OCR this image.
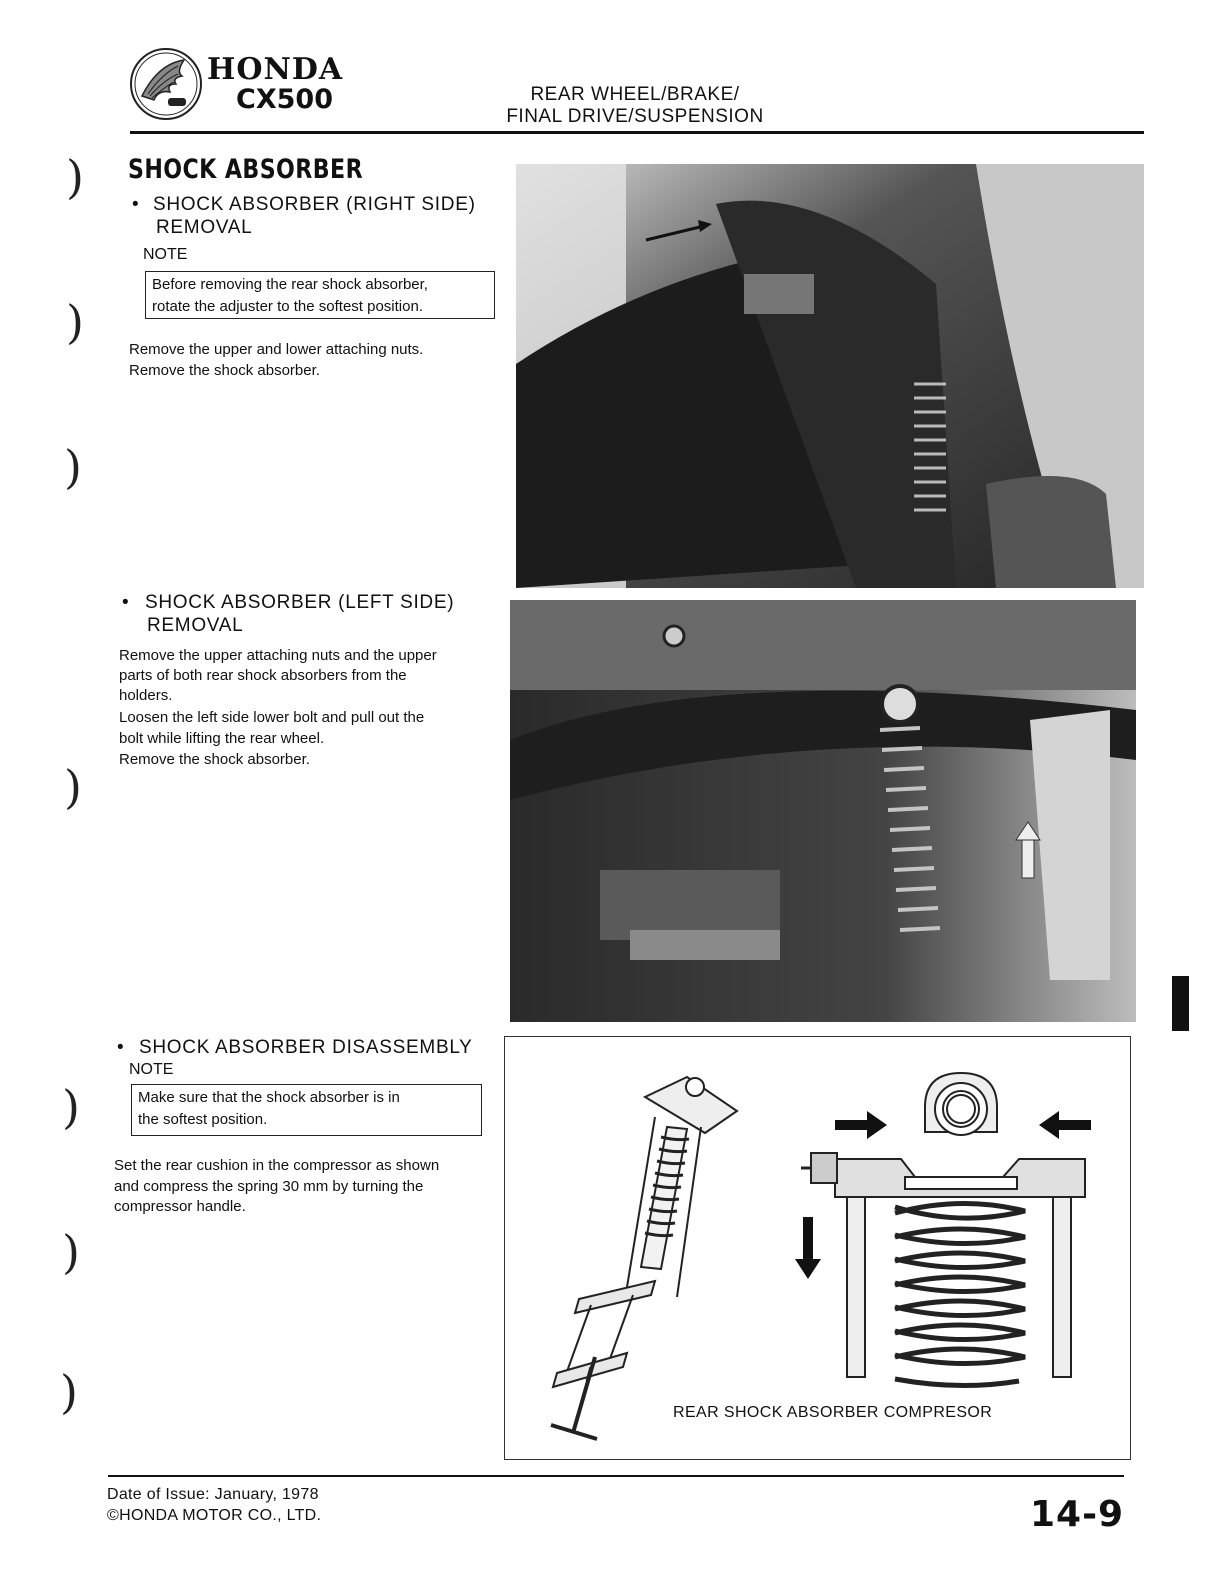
HONDA
CX500	REAR WHEEL/BRAKE/
FINAL DRIVE/SUSPENSION
)
)
)
)
)
)
)
SHOCK ABSORBER
• SHOCK ABSORBER (RIGHT SIDE)
REMOVAL
NOTE
Before removing the rear shock absorber,
rotate the adjuster to the softest position.
Remove the upper and lower attaching nuts.
Remove the shock absorber.
• SHOCK ABSORBER (LEFT SIDE)
REMOVAL
Remove the upper attaching nuts and the upper
parts of both rear shock absorbers from the
holders.
Loosen the left side lower bolt and pull out the
bolt while lifting the rear wheel.
Remove the shock absorber.
• SHOCK ABSORBER DISASSEMBLY
NOTE
Make sure that the shock absorber is in
the softest position.
Set the rear cushion in the compressor as shown
and compress the spring 30 mm by turning the
compressor handle.
REAR SHOCK ABSORBER COMPRESOR
Date of Issue: January, 1978
©HONDA MOTOR CO., LTD.	14-9
